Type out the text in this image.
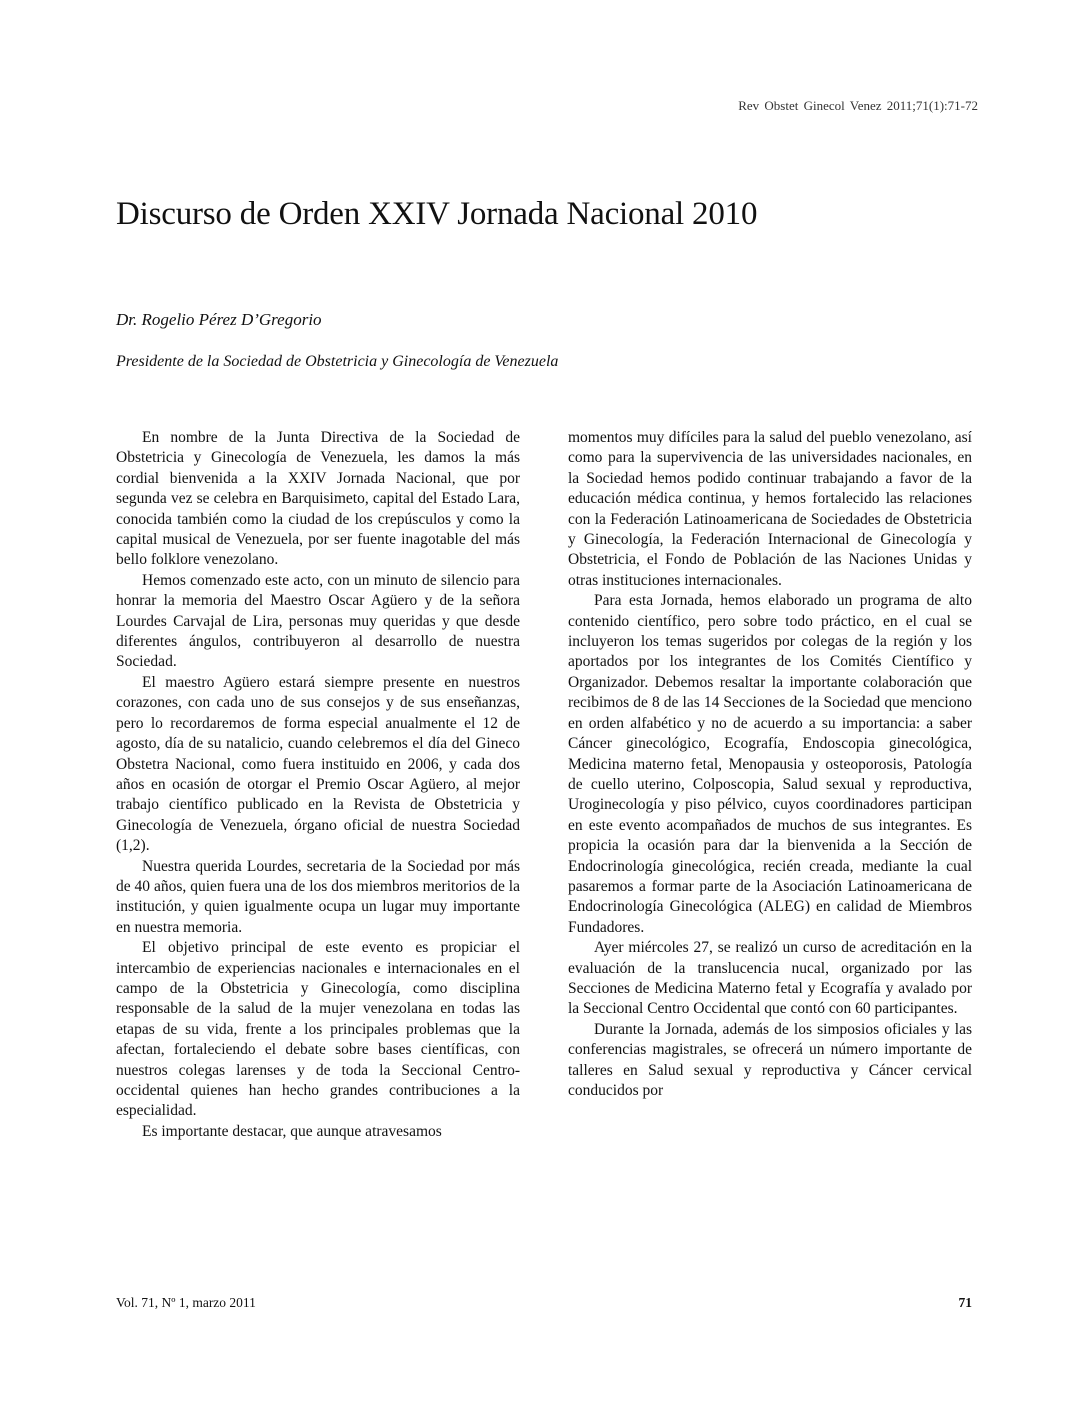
Rev Obstet Ginecol Venez 2011;71(1):71-72
Discurso de Orden XXIV Jornada Nacional 2010
Dr. Rogelio Pérez D’Gregorio
Presidente de la Sociedad de Obstetricia y Ginecología de Venezuela

En nombre de la Junta Directiva de la Sociedad de Obstetricia y Ginecología de Venezuela, les damos la más cordial bienvenida a la XXIV Jornada Nacional, que por segunda vez se celebra en Barquisimeto, capital del Estado Lara, conocida también como la ciudad de los crepúsculos y como la capital musical de Venezuela, por ser fuente inagotable del más bello folklore venezolano.

Hemos comenzado este acto, con un minuto de silencio para honrar la memoria del Maestro Oscar Agüero y de la señora Lourdes Carvajal de Lira, personas muy queridas y que desde diferentes ángulos, contribuyeron al desarrollo de nuestra Sociedad.

El maestro Agüero estará siempre presente en nuestros corazones, con cada uno de sus consejos y de sus enseñanzas, pero lo recordaremos de forma especial anualmente el 12 de agosto, día de su natalicio, cuando celebremos el día del Gineco Obstetra Nacional, como fuera instituido en 2006, y cada dos años en ocasión de otorgar el Premio Oscar Agüero, al mejor trabajo científico publicado en la Revista de Obstetricia y Ginecología de Venezuela, órgano oficial de nuestra Sociedad (1,2).

Nuestra querida Lourdes, secretaria de la Sociedad por más de 40 años, quien fuera una de los dos miembros meritorios de la institución, y quien igualmente ocupa un lugar muy importante en nuestra memoria.

El objetivo principal de este evento es propiciar el intercambio de experiencias nacionales e internacionales en el campo de la Obstetricia y Ginecología, como disciplina responsable de la salud de la mujer venezolana en todas las etapas de su vida, frente a los principales problemas que la afectan, fortaleciendo el debate sobre bases científicas, con nuestros colegas larenses y de toda la Seccional Centro-occidental quienes han hecho grandes contribuciones a la especialidad.

Es importante destacar, que aunque atravesamos

momentos muy difíciles para la salud del pueblo venezolano, así como para la supervivencia de las universidades nacionales, en la Sociedad hemos podido continuar trabajando a favor de la educación médica continua, y hemos fortalecido las relaciones con la Federación Latinoamericana de Sociedades de Obstetricia y Ginecología, la Federación Internacional de Ginecología y Obstetricia, el Fondo de Población de las Naciones Unidas y otras instituciones internacionales.

Para esta Jornada, hemos elaborado un programa de alto contenido científico, pero sobre todo práctico, en el cual se incluyeron los temas sugeridos por colegas de la región y los aportados por los integrantes de los Comités Científico y Organizador. Debemos resaltar la importante colaboración que recibimos de 8 de las 14 Secciones de la Sociedad que menciono en orden alfabético y no de acuerdo a su importancia: a saber Cáncer ginecológico, Ecografía, Endoscopia ginecológica, Medicina materno fetal, Menopausia y osteoporosis, Patología de cuello uterino, Colposcopia, Salud sexual y reproductiva, Uroginecología y piso pélvico, cuyos coordinadores participan en este evento acompañados de muchos de sus integrantes. Es propicia la ocasión para dar la bienvenida a la Sección de Endocrinología ginecológica, recién creada, mediante la cual pasaremos a formar parte de la Asociación Latinoamericana de Endocrinología Ginecológica (ALEG) en calidad de Miembros Fundadores.

Ayer miércoles 27, se realizó un curso de acreditación en la evaluación de la translucencia nucal, organizado por las Secciones de Medicina Materno fetal y Ecografía y avalado por la Seccional Centro Occidental que contó con 60 participantes.

Durante la Jornada, además de los simposios oficiales y las conferencias magistrales, se ofrecerá un número importante de talleres en Salud sexual y reproductiva y Cáncer cervical conducidos por

Vol. 71, Nº 1, marzo 2011	71
